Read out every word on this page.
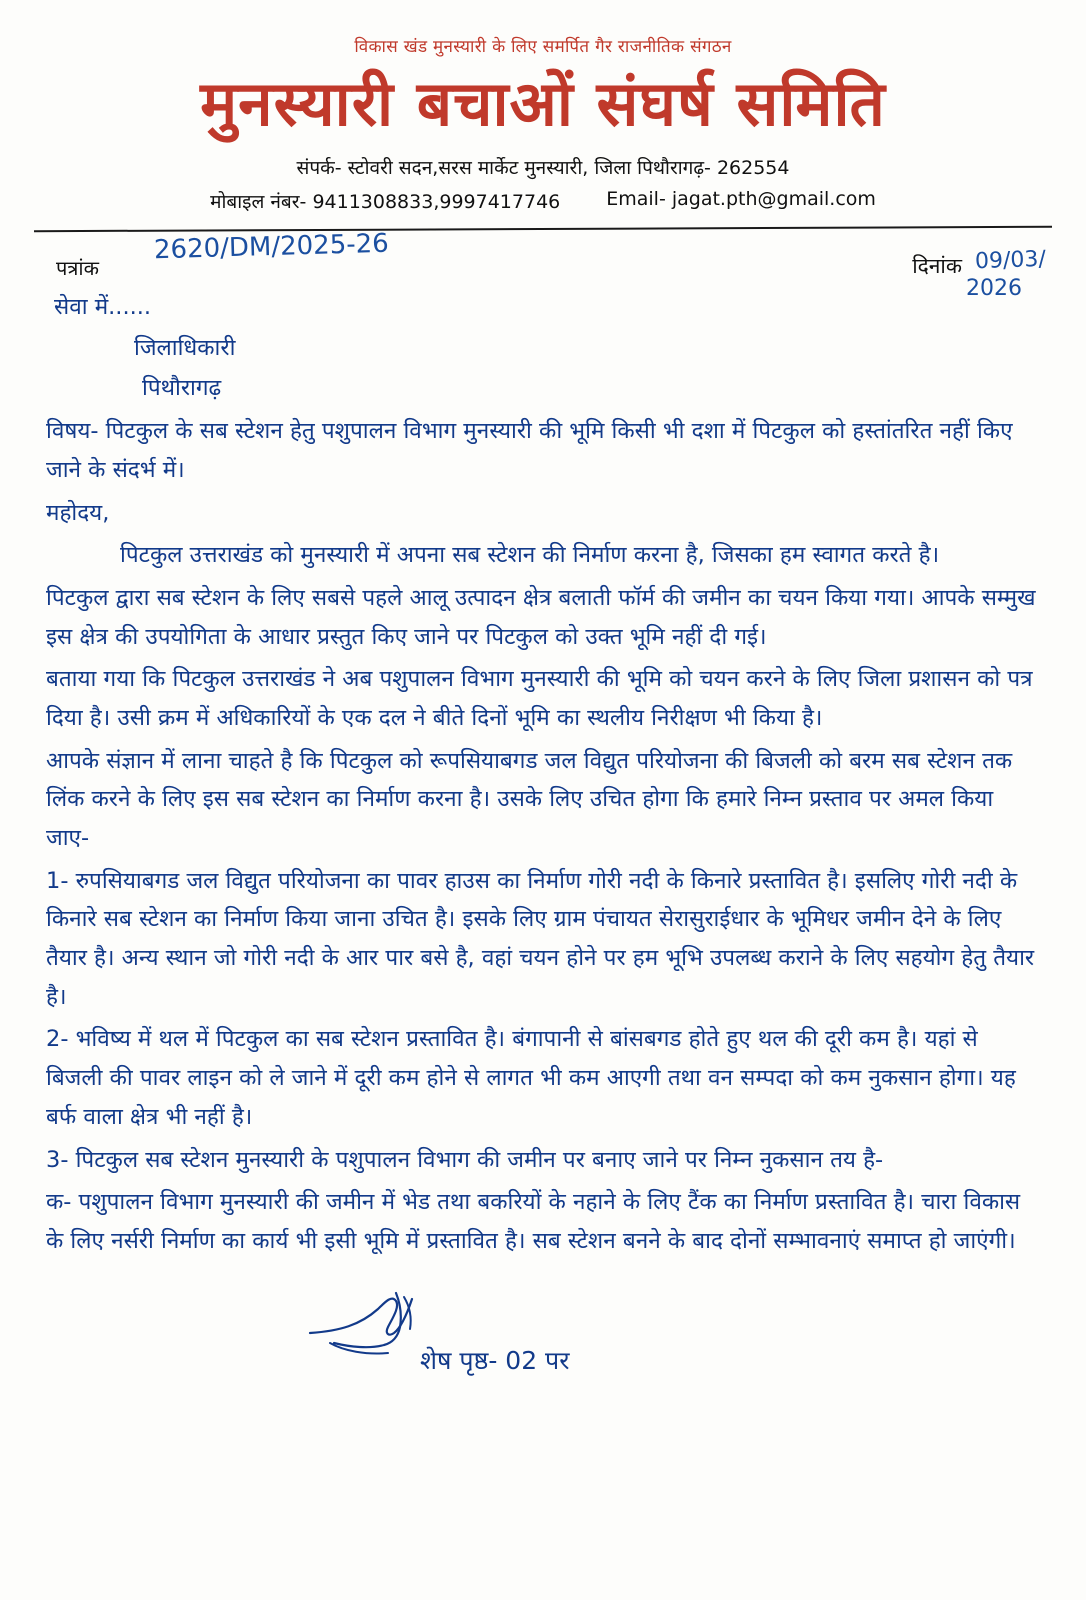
विकास खंड मुनस्यारी के लिए समर्पित गैर राजनीतिक संगठन
मुनस्यारी बचाओं संघर्ष समिति
संपर्क- स्टोवरी सदन,सरस मार्केट मुनस्यारी, जिला पिथौरागढ़- 262554
मोबाइल नंबर- 9411308833,9997417746 Email- jagat.pth@gmail.com
पत्रांक
2620/DM/2025-26
दिनांक 09/03/
2026
सेवा में......
जिलाधिकारी
पिथौरागढ़

विषय- पिटकुल के सब स्टेशन हेतु पशुपालन विभाग मुनस्यारी की भूमि किसी भी दशा में पिटकुल को हस्तांतरित नहीं किए जाने के संदर्भ में।

महोदय,

पिटकुल उत्तराखंड को मुनस्यारी में अपना सब स्टेशन की निर्माण करना है, जिसका हम स्वागत करते है।

पिटकुल द्वारा सब स्टेशन के लिए सबसे पहले आलू उत्पादन क्षेत्र बलाती फॉर्म की जमीन का चयन किया गया। आपके सम्मुख इस क्षेत्र की उपयोगिता के आधार प्रस्तुत किए जाने पर पिटकुल को उक्त भूमि नहीं दी गई।

बताया गया कि पिटकुल उत्तराखंड ने अब पशुपालन विभाग मुनस्यारी की भूमि को चयन करने के लिए जिला प्रशासन को पत्र दिया है। उसी क्रम में अधिकारियों के एक दल ने बीते दिनों भूमि का स्थलीय निरीक्षण भी किया है।

आपके संज्ञान में लाना चाहते है कि पिटकुल को रूपसियाबगड जल विद्युत परियोजना की बिजली को बरम सब स्टेशन तक लिंक करने के लिए इस सब स्टेशन का निर्माण करना है। उसके लिए उचित होगा कि हमारे निम्न प्रस्ताव पर अमल किया जाए-

1- रुपसियाबगड जल विद्युत परियोजना का पावर हाउस का निर्माण गोरी नदी के किनारे प्रस्तावित है। इसलिए गोरी नदी के किनारे सब स्टेशन का निर्माण किया जाना उचित है। इसके लिए ग्राम पंचायत सेरासुराईधार के भूमिधर जमीन देने के लिए तैयार है। अन्य स्थान जो गोरी नदी के आर पार बसे है, वहां चयन होने पर हम भूभि उपलब्ध कराने के लिए सहयोग हेतु तैयार है।

2- भविष्य में थल में पिटकुल का सब स्टेशन प्रस्तावित है। बंगापानी से बांसबगड होते हुए थल की दूरी कम है। यहां से बिजली की पावर लाइन को ले जाने में दूरी कम होने से लागत भी कम आएगी तथा वन सम्पदा को कम नुकसान होगा। यह बर्फ वाला क्षेत्र भी नहीं है।

3- पिटकुल सब स्टेशन मुनस्यारी के पशुपालन विभाग की जमीन पर बनाए जाने पर निम्न नुकसान तय है-

क- पशुपालन विभाग मुनस्यारी की जमीन में भेड तथा बकरियों के नहाने के लिए टैंक का निर्माण प्रस्तावित है। चारा विकास के लिए नर्सरी निर्माण का कार्य भी इसी भूमि में प्रस्तावित है। सब स्टेशन बनने के बाद दोनों सम्भावनाएं समाप्त हो जाएंगी।

शेष पृष्ठ- 02 पर
